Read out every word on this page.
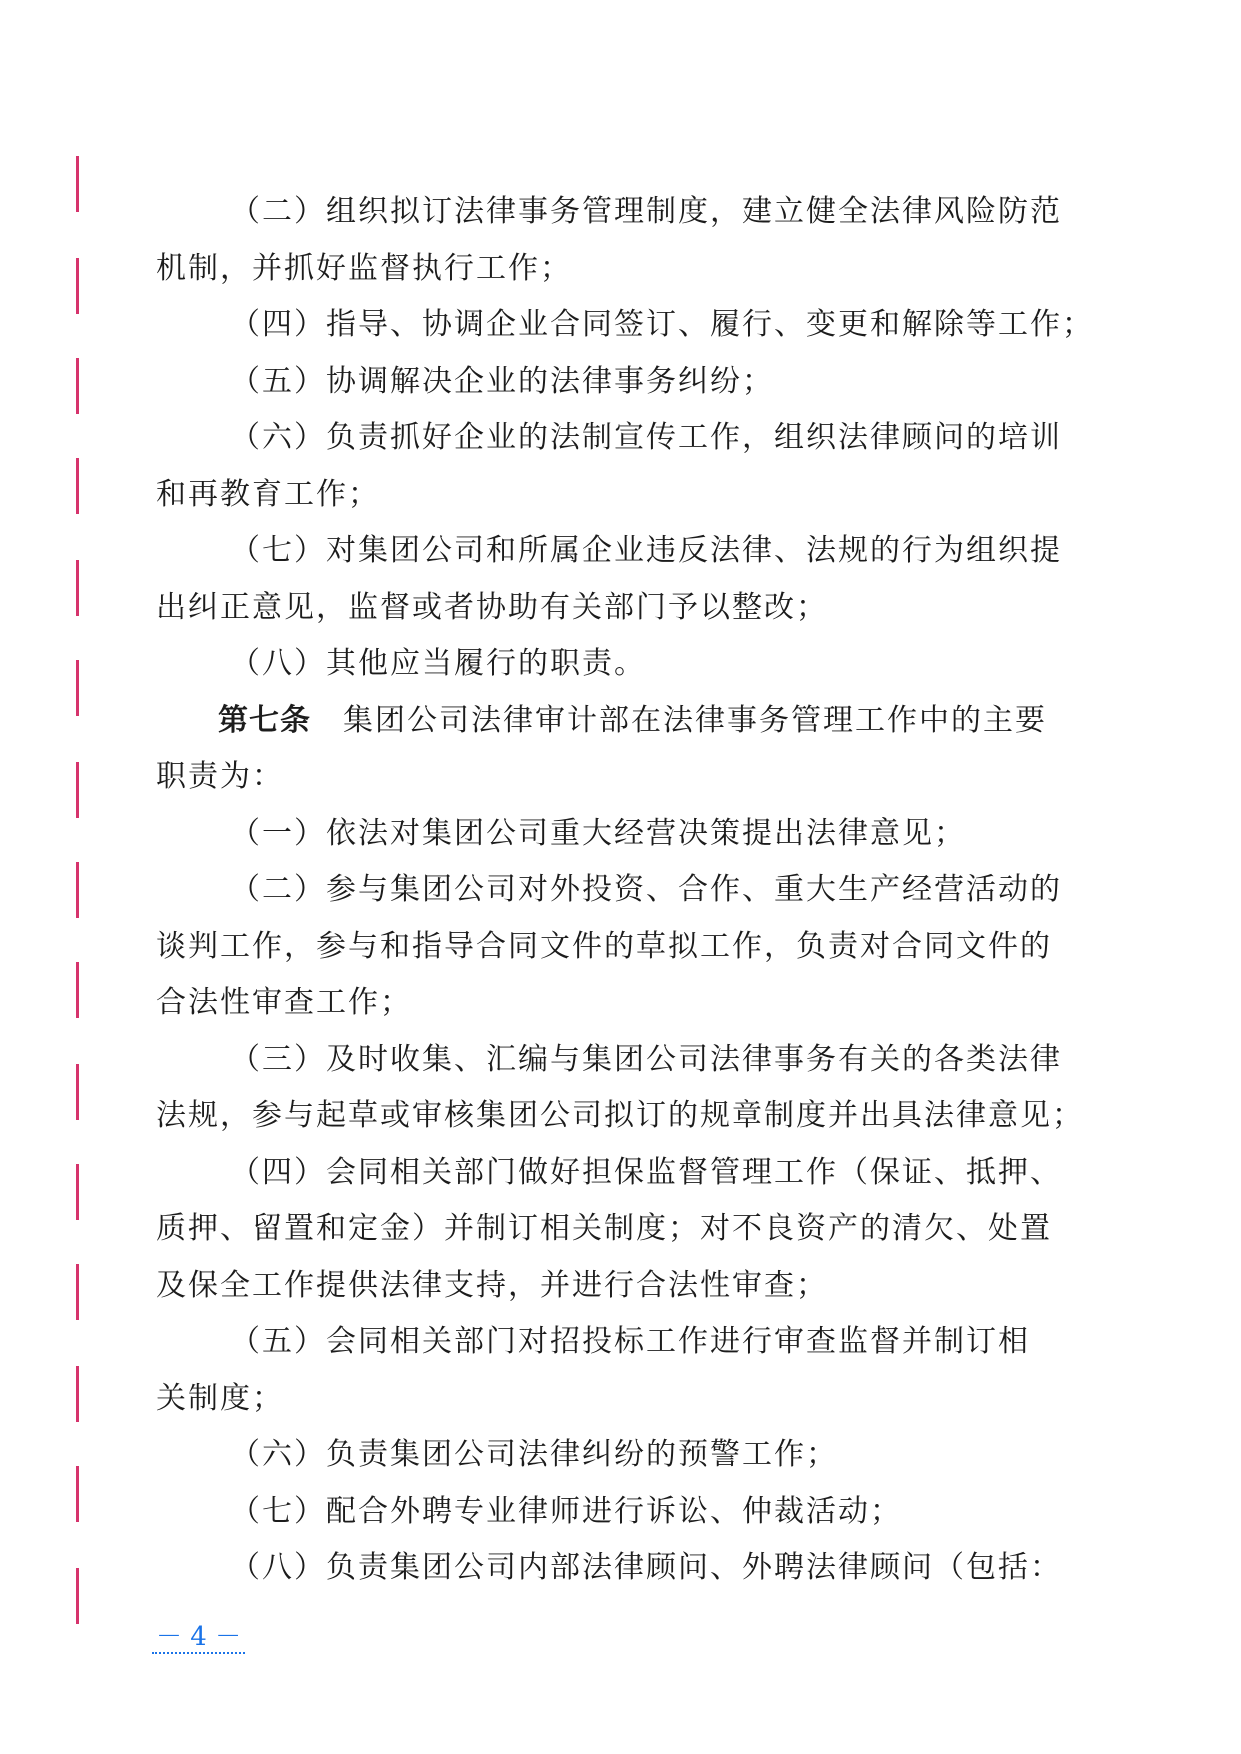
（二）组织拟订法律事务管理制度，建立健全法律风险防范
机制，并抓好监督执行工作；
（四）指导、协调企业合同签订、履行、变更和解除等工作；
（五）协调解决企业的法律事务纠纷；
（六）负责抓好企业的法制宣传工作，组织法律顾问的培训
和再教育工作；
（七）对集团公司和所属企业违反法律、法规的行为组织提
出纠正意见，监督或者协助有关部门予以整改；
（八）其他应当履行的职责。
第七条　集团公司法律审计部在法律事务管理工作中的主要
职责为：
（一）依法对集团公司重大经营决策提出法律意见；
（二）参与集团公司对外投资、合作、重大生产经营活动的
谈判工作，参与和指导合同文件的草拟工作，负责对合同文件的
合法性审查工作；
（三）及时收集、汇编与集团公司法律事务有关的各类法律
法规，参与起草或审核集团公司拟订的规章制度并出具法律意见；
（四）会同相关部门做好担保监督管理工作（保证、抵押、
质押、留置和定金）并制订相关制度；对不良资产的清欠、处置
及保全工作提供法律支持，并进行合法性审查；
（五）会同相关部门对招投标工作进行审查监督并制订相
关制度；
（六）负责集团公司法律纠纷的预警工作；
（七）配合外聘专业律师进行诉讼、仲裁活动；
（八）负责集团公司内部法律顾问、外聘法律顾问（包括：
－ 4 －
